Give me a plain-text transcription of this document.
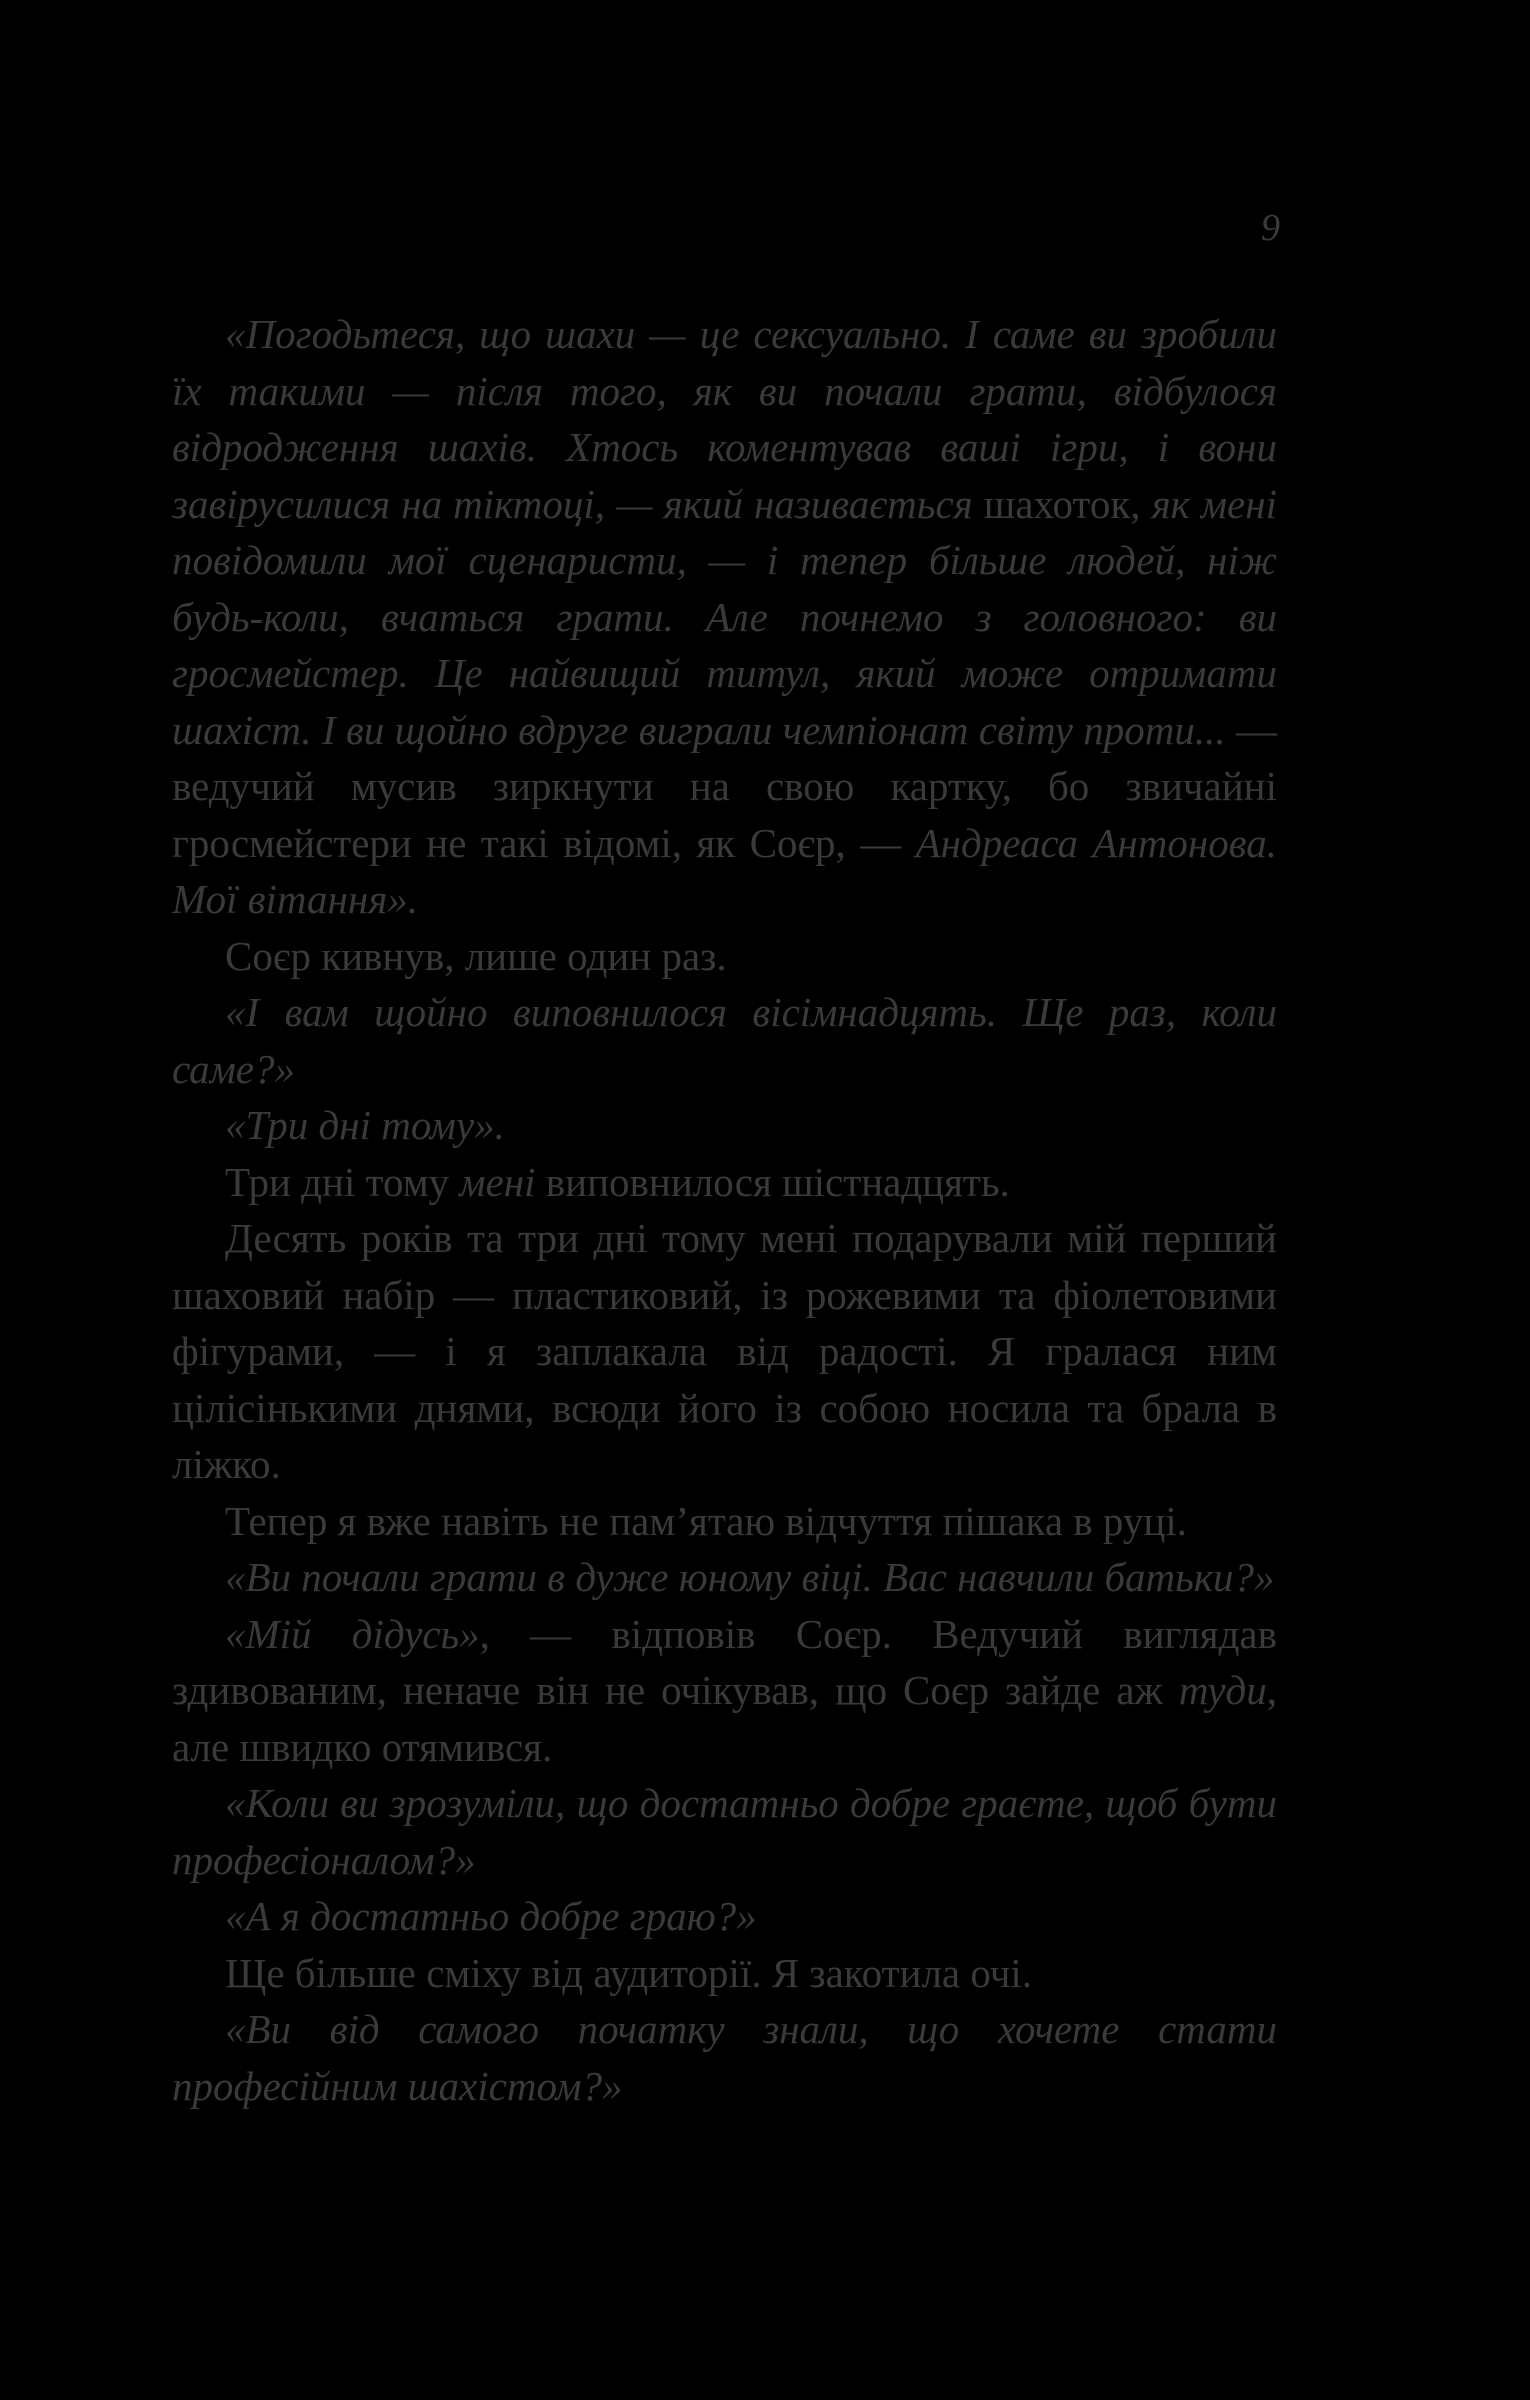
9

«Погодьтеся, що шахи — це сексуально. І саме ви зробили їх такими — після того, як ви почали грати, відбулося відродження шахів. Хтось коментував ваші ігри, і вони завірусилися на тіктоці, — який називається шахоток, як мені повідомили мої сценаристи, — і тепер більше людей, ніж будь-коли, вчаться грати. Але почнемо з головного: ви гросмейстер. Це найвищий титул, який може отримати шахіст. І ви щойно вдруге виграли чемпіонат світу проти... — ведучий мусив зиркнути на свою картку, бо звичайні гросмейстери не такі відомі, як Соєр, — Андреаса Антонова. Мої вітання».

Соєр кивнув, лише один раз.

«І вам щойно виповнилося вісімнадцять. Ще раз, коли саме?»

«Три дні тому».

Три дні тому мені виповнилося шістнадцять.

Десять років та три дні тому мені подарували мій перший шаховий набір — пластиковий, із рожевими та фіолетовими фігурами, — і я заплакала від радості. Я гралася ним цілісінькими днями, всюди його із собою носила та брала в ліжко.

Тепер я вже навіть не пам’ятаю відчуття пішака в руці.

«Ви почали грати в дуже юному віці. Вас навчили батьки?»

«Мій дідусь», — відповів Соєр. Ведучий виглядав здивованим, неначе він не очікував, що Соєр зайде аж туди, але швидко отямився.

«Коли ви зрозуміли, що достатньо добре граєте, щоб бути професіоналом?»

«А я достатньо добре граю?»

Ще більше сміху від аудиторії. Я закотила очі.

«Ви від самого початку знали, що хочете стати професійним шахістом?»
